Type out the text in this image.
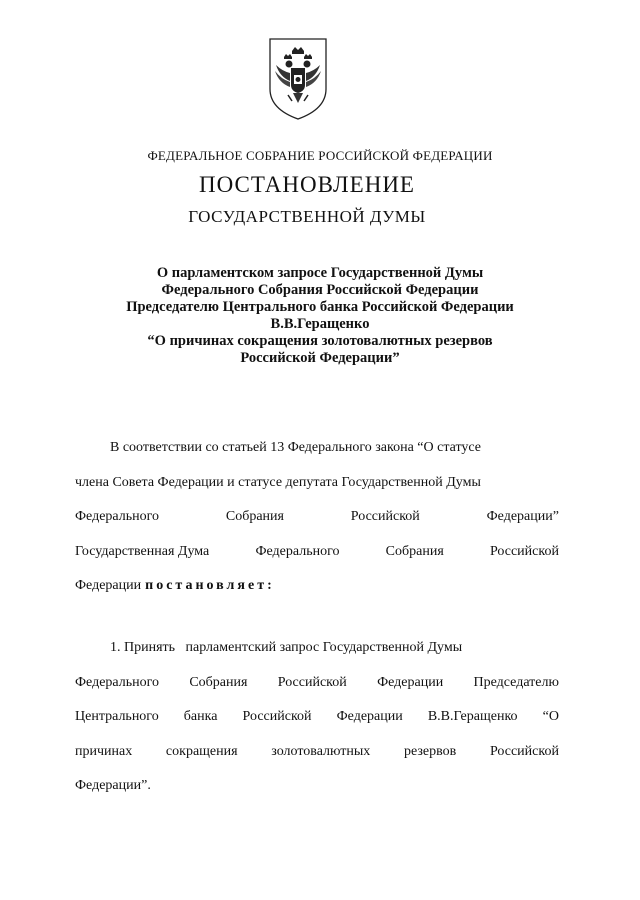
ФЕДЕРАЛЬНОЕ СОБРАНИЕ РОССИЙСКОЙ ФЕДЕРАЦИИ
ПОСТАНОВЛЕНИЕ
ГОСУДАРСТВЕННОЙ ДУМЫ
О парламентском запросе Государственной Думы
Федерального Собрания Российской Федерации
Председателю Центрального банка Российской Федерации
В.В.Геращенко
“О причинах сокращения золотовалютных резервов
Российской Федерации”
В соответствии со статьей 13 Федерального закона “О статусе
члена Совета Федерации и статусе депутата Государственной Думы
Федерального	Собрания	Российской	Федерации”
Государственная Дума	Федерального	Собрания	Российской
Федерации постановляет:
1. Принять   парламентский запрос Государственной Думы
Федерального Собрания Российской Федерации Председателю
Центрального банка Российской Федерации В.В.Геращенко “О
причинах сокращения золотовалютных резервов Российской
Федерации”.
